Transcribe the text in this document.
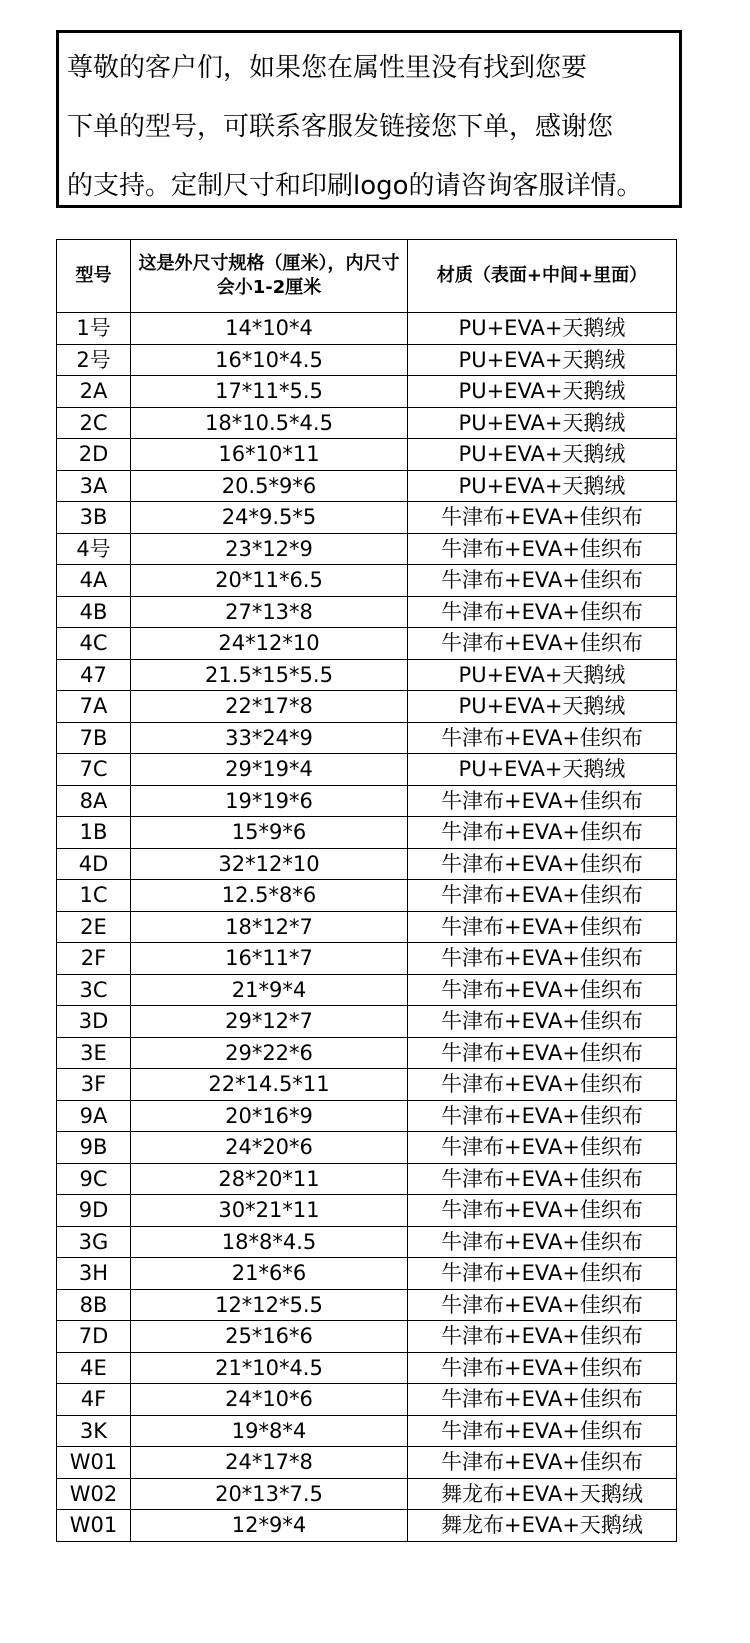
尊敬的客户们，如果您在属性里没有找到您要
下单的型号，可联系客服发链接您下单，感谢您
的支持。定制尺寸和印刷logo的请咨询客服详情。
型号	这是外尺寸规格（厘米），内尺寸会小1-2厘米	材质（表面+中间+里面）
1号	14*10*4	PU+EVA+天鹅绒
2号	16*10*4.5	PU+EVA+天鹅绒
2A	17*11*5.5	PU+EVA+天鹅绒
2C	18*10.5*4.5	PU+EVA+天鹅绒
2D	16*10*11	PU+EVA+天鹅绒
3A	20.5*9*6	PU+EVA+天鹅绒
3B	24*9.5*5	牛津布+EVA+佳织布
4号	23*12*9	牛津布+EVA+佳织布
4A	20*11*6.5	牛津布+EVA+佳织布
4B	27*13*8	牛津布+EVA+佳织布
4C	24*12*10	牛津布+EVA+佳织布
47	21.5*15*5.5	PU+EVA+天鹅绒
7A	22*17*8	PU+EVA+天鹅绒
7B	33*24*9	牛津布+EVA+佳织布
7C	29*19*4	PU+EVA+天鹅绒
8A	19*19*6	牛津布+EVA+佳织布
1B	15*9*6	牛津布+EVA+佳织布
4D	32*12*10	牛津布+EVA+佳织布
1C	12.5*8*6	牛津布+EVA+佳织布
2E	18*12*7	牛津布+EVA+佳织布
2F	16*11*7	牛津布+EVA+佳织布
3C	21*9*4	牛津布+EVA+佳织布
3D	29*12*7	牛津布+EVA+佳织布
3E	29*22*6	牛津布+EVA+佳织布
3F	22*14.5*11	牛津布+EVA+佳织布
9A	20*16*9	牛津布+EVA+佳织布
9B	24*20*6	牛津布+EVA+佳织布
9C	28*20*11	牛津布+EVA+佳织布
9D	30*21*11	牛津布+EVA+佳织布
3G	18*8*4.5	牛津布+EVA+佳织布
3H	21*6*6	牛津布+EVA+佳织布
8B	12*12*5.5	牛津布+EVA+佳织布
7D	25*16*6	牛津布+EVA+佳织布
4E	21*10*4.5	牛津布+EVA+佳织布
4F	24*10*6	牛津布+EVA+佳织布
3K	19*8*4	牛津布+EVA+佳织布
W01	24*17*8	牛津布+EVA+佳织布
W02	20*13*7.5	舞龙布+EVA+天鹅绒
W01	12*9*4	舞龙布+EVA+天鹅绒
